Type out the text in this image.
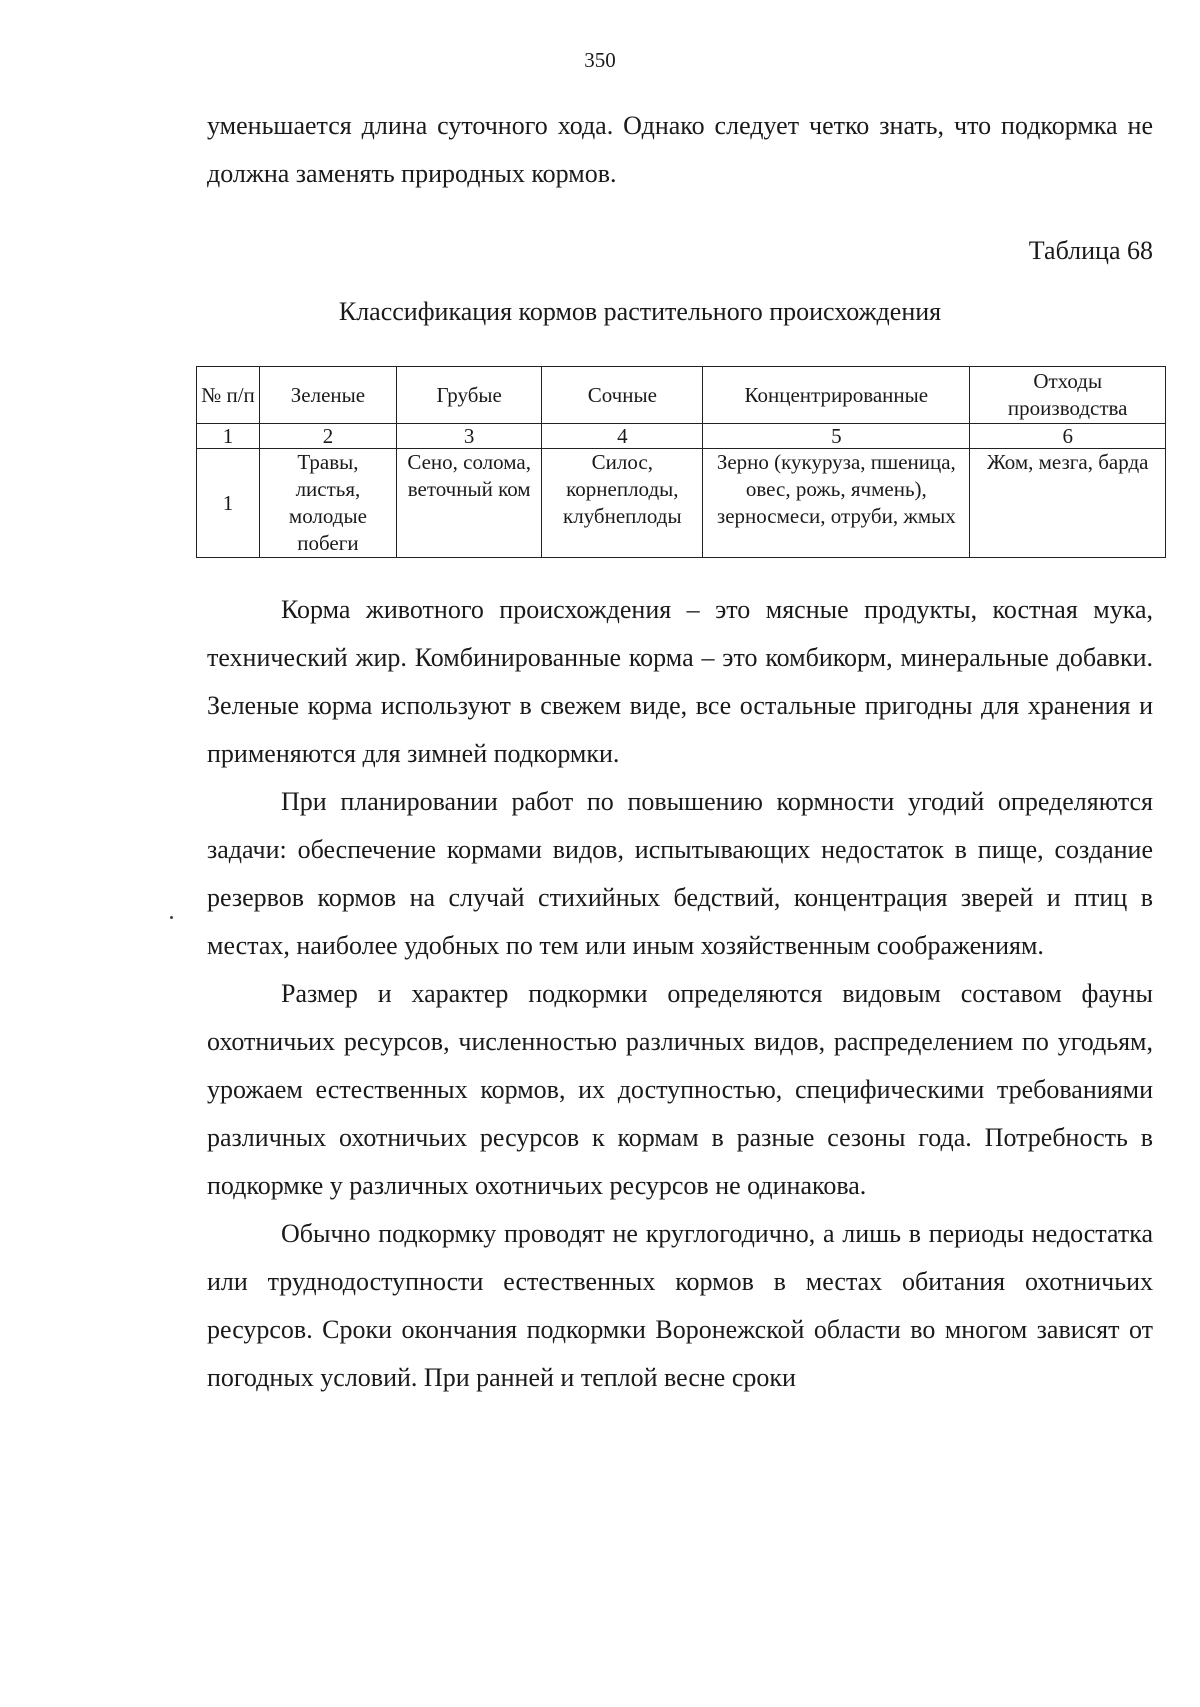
350
уменьшается длина суточного хода. Однако следует четко знать, что подкормка не должна заменять природных кормов.
Таблица 68
Классификация кормов растительного происхождения
№ п/п	Зеленые	Грубые	Сочные	Концентрированные	Отходы производства
1	2	3	4	5	6
1	Травы, листья, молодые побеги	Сено, солома, веточный ком	Силос, корнеплоды, клубнеплоды	Зерно (кукуруза, пшеница, овес, рожь, ячмень), зерносмеси, отруби, жмых	Жом, мезга, барда

Корма животного происхождения – это мясные продукты, костная мука, технический жир. Комбинированные корма – это комбикорм, минеральные добавки. Зеленые корма используют в свежем виде, все остальные пригодны для хранения и применяются для зимней подкормки.

При планировании работ по повышению кормности угодий определяются задачи: обеспечение кормами видов, испытывающих недостаток в пище, создание резервов кормов на случай стихийных бедствий, концентрация зверей и птиц в местах, наиболее удобных по тем или иным хозяйственным соображениям.

Размер и характер подкормки определяются видовым составом фауны охотничьих ресурсов, численностью различных видов, распределением по угодьям, урожаем естественных кормов, их доступностью, специфическими требованиями различных охотничьих ресурсов к кормам в разные сезоны года. Потребность в подкормке у различных охотничьих ресурсов не одинакова.

Обычно подкормку проводят не круглогодично, а лишь в периоды недостатка или труднодоступности естественных кормов в местах обитания охотничьих ресурсов. Сроки окончания подкормки Воронежской области во многом зависят от погодных условий. При ранней и теплой весне сроки
